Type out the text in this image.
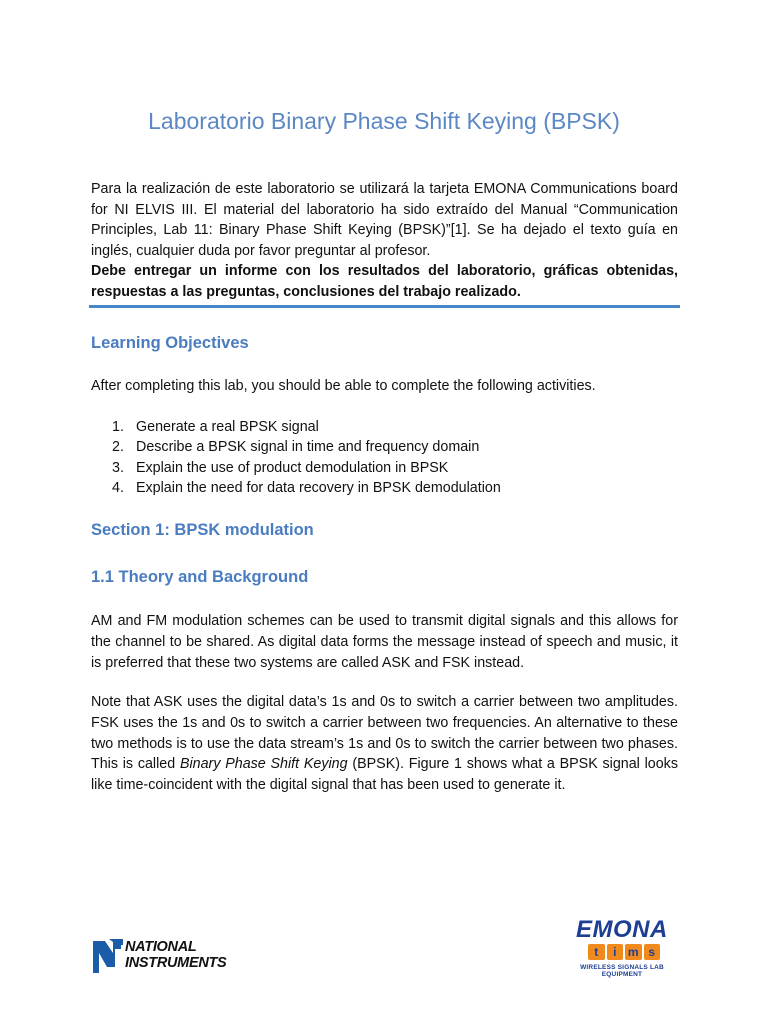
Laboratorio Binary Phase Shift Keying (BPSK)

Para la realización de este laboratorio se utilizará la tarjeta EMONA Communications board for NI ELVIS III. El material del laboratorio ha sido extraído del Manual “Communication Principles, Lab 11: Binary Phase Shift Keying (BPSK)”[1]. Se ha dejado el texto guía en inglés, cualquier duda por favor preguntar al profesor.
Debe entregar un informe con los resultados del laboratorio, gráficas obtenidas, respuestas a las preguntas, conclusiones del trabajo realizado.

Learning Objectives

After completing this lab, you should be able to complete the following activities.

1. Generate a real BPSK signal
2. Describe a BPSK signal in time and frequency domain
3. Explain the use of product demodulation in BPSK
4. Explain the need for data recovery in BPSK demodulation
Section 1: BPSK modulation
1.1 Theory and Background

AM and FM modulation schemes can be used to transmit digital signals and this allows for the channel to be shared. As digital data forms the message instead of speech and music, it is preferred that these two systems are called ASK and FSK instead.

Note that ASK uses the digital data’s 1s and 0s to switch a carrier between two amplitudes. FSK uses the 1s and 0s to switch a carrier between two frequencies. An alternative to these two methods is to use the data stream’s 1s and 0s to switch the carrier between two phases. This is called Binary Phase Shift Keying (BPSK). Figure 1 shows what a BPSK signal looks like time-coincident with the digital signal that has been used to generate it.

NATIONAL
INSTRUMENTS
EMONA
t	i m s
WIRELESS SIGNALS LAB EQUIPMENT
